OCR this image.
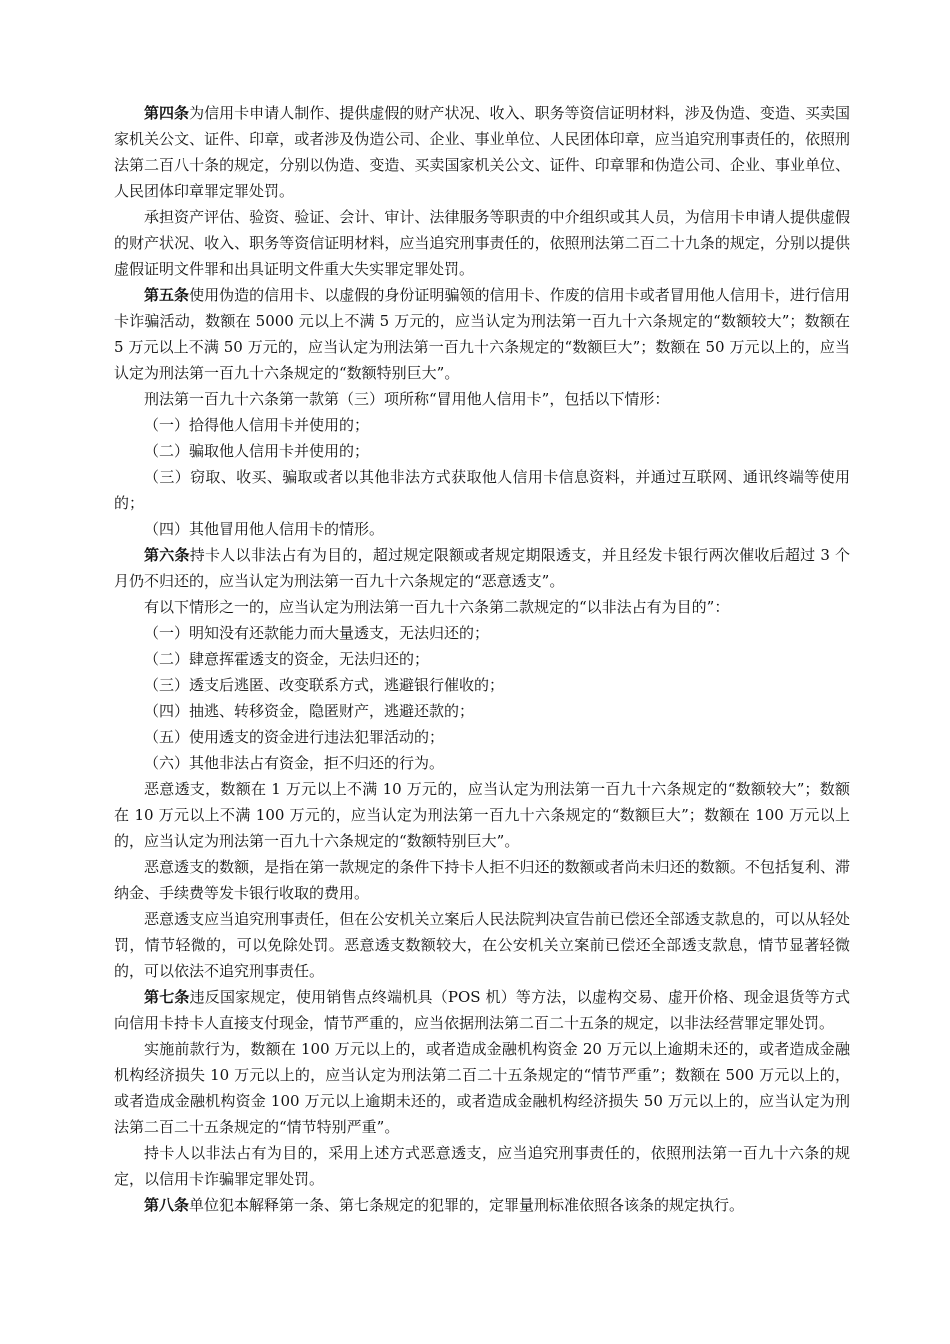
第四条为信用卡申请人制作、提供虚假的财产状况、收入、职务等资信证明材料，涉及伪造、变造、买卖国家机关公文、证件、印章，或者涉及伪造公司、企业、事业单位、人民团体印章，应当追究刑事责任的，依照刑法第二百八十条的规定，分别以伪造、变造、买卖国家机关公文、证件、印章罪和伪造公司、企业、事业单位、人民团体印章罪定罪处罚。

承担资产评估、验资、验证、会计、审计、法律服务等职责的中介组织或其人员，为信用卡申请人提供虚假的财产状况、收入、职务等资信证明材料，应当追究刑事责任的，依照刑法第二百二十九条的规定，分别以提供虚假证明文件罪和出具证明文件重大失实罪定罪处罚。

第五条使用伪造的信用卡、以虚假的身份证明骗领的信用卡、作废的信用卡或者冒用他人信用卡，进行信用卡诈骗活动，数额在 5000 元以上不满 5 万元的，应当认定为刑法第一百九十六条规定的“数额较大”；数额在 5 万元以上不满 50 万元的，应当认定为刑法第一百九十六条规定的“数额巨大”；数额在 50 万元以上的，应当认定为刑法第一百九十六条规定的“数额特别巨大”。

刑法第一百九十六条第一款第（三）项所称“冒用他人信用卡”，包括以下情形：

（一）拾得他人信用卡并使用的；

（二）骗取他人信用卡并使用的；

（三）窃取、收买、骗取或者以其他非法方式获取他人信用卡信息资料，并通过互联网、通讯终端等使用的；

（四）其他冒用他人信用卡的情形。

第六条持卡人以非法占有为目的，超过规定限额或者规定期限透支，并且经发卡银行两次催收后超过 3 个月仍不归还的，应当认定为刑法第一百九十六条规定的“恶意透支”。

有以下情形之一的，应当认定为刑法第一百九十六条第二款规定的“以非法占有为目的”：

（一）明知没有还款能力而大量透支，无法归还的；

（二）肆意挥霍透支的资金，无法归还的；

（三）透支后逃匿、改变联系方式，逃避银行催收的；

（四）抽逃、转移资金，隐匿财产，逃避还款的；

（五）使用透支的资金进行违法犯罪活动的；

（六）其他非法占有资金，拒不归还的行为。

恶意透支，数额在 1 万元以上不满 10 万元的，应当认定为刑法第一百九十六条规定的“数额较大”；数额在 10 万元以上不满 100 万元的，应当认定为刑法第一百九十六条规定的“数额巨大”；数额在 100 万元以上的，应当认定为刑法第一百九十六条规定的“数额特别巨大”。

恶意透支的数额，是指在第一款规定的条件下持卡人拒不归还的数额或者尚未归还的数额。不包括复利、滞纳金、手续费等发卡银行收取的费用。

恶意透支应当追究刑事责任，但在公安机关立案后人民法院判决宣告前已偿还全部透支款息的，可以从轻处罚，情节轻微的，可以免除处罚。恶意透支数额较大，在公安机关立案前已偿还全部透支款息，情节显著轻微的，可以依法不追究刑事责任。

第七条违反国家规定，使用销售点终端机具（POS 机）等方法，以虚构交易、虚开价格、现金退货等方式向信用卡持卡人直接支付现金，情节严重的，应当依据刑法第二百二十五条的规定，以非法经营罪定罪处罚。

实施前款行为，数额在 100 万元以上的，或者造成金融机构资金 20 万元以上逾期未还的，或者造成金融机构经济损失 10 万元以上的，应当认定为刑法第二百二十五条规定的“情节严重”；数额在 500 万元以上的，或者造成金融机构资金 100 万元以上逾期未还的，或者造成金融机构经济损失 50 万元以上的，应当认定为刑法第二百二十五条规定的“情节特别严重”。

持卡人以非法占有为目的，采用上述方式恶意透支，应当追究刑事责任的，依照刑法第一百九十六条的规定，以信用卡诈骗罪定罪处罚。

第八条单位犯本解释第一条、第七条规定的犯罪的，定罪量刑标准依照各该条的规定执行。
